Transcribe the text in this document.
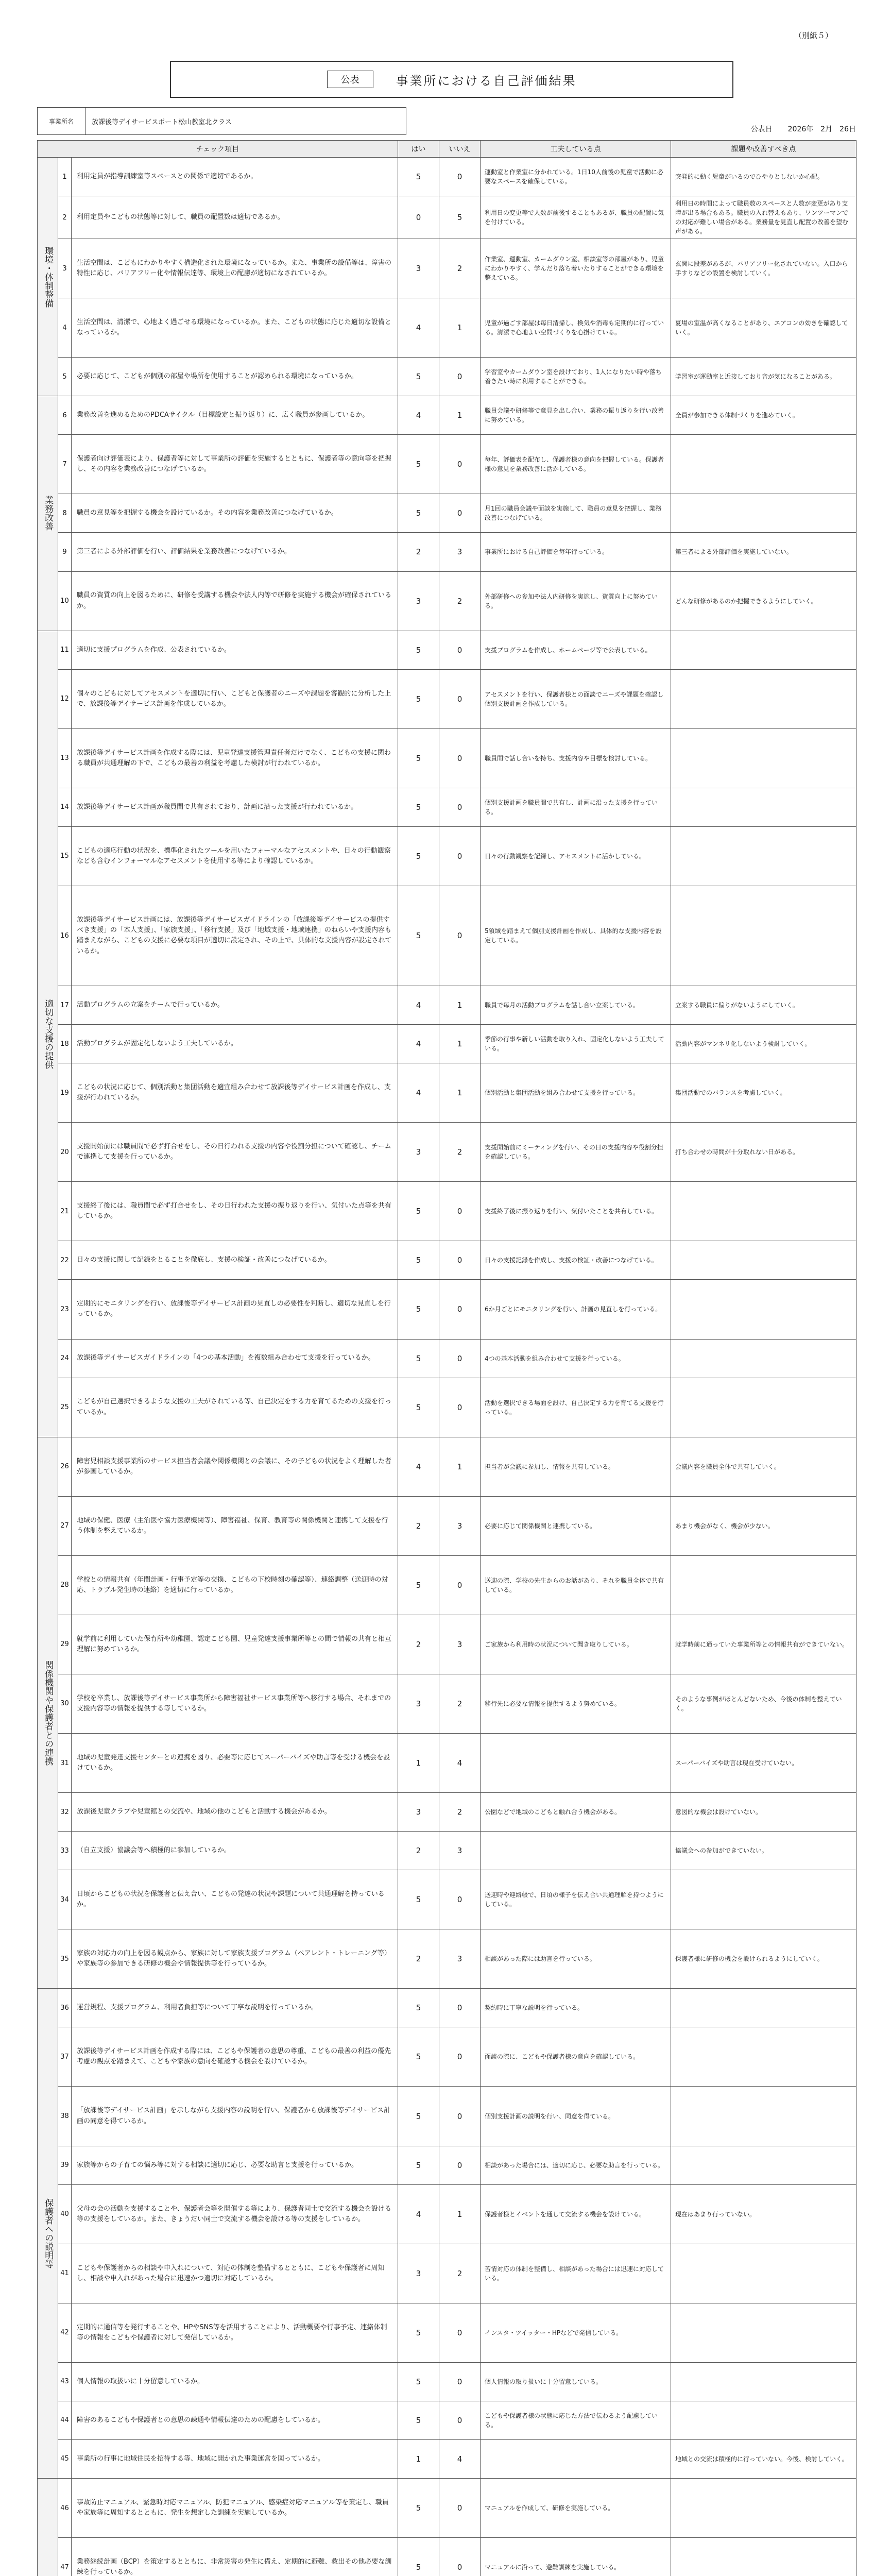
（別紙５）
公表	事業所における自己評価結果
事業所名	放課後等デイサービスポート松山教室北クラス
公表日 2026年　2月　26日
チェック項目			はい	いいえ	工夫している点	課題や改善すべき点
環境・体制整備	1	利用定員が指導訓練室等スペースとの関係で適切であるか。	5	0	運動室と作業室に分かれている。1日10人前後の児童で活動に必要なスペースを確保している。	突発的に動く児童がいるのでひやりとしないか心配。
	2	利用定員やこどもの状態等に対して、職員の配置数は適切であるか。	0	5	利用日の変更等で人数が前後することもあるが、職員の配置に気を付けている。	利用日の時間によって職員数のスペースと人数が変更があり支障が出る場合もある。職員の入れ替えもあり、ワンツーマンでの対応が難しい場合がある。業務量を見直し配置の改善を望む声がある。
	3	生活空間は、こどもにわかりやすく構造化された環境になっているか。また、事業所の設備等は、障害の特性に応じ、バリアフリー化や情報伝達等、環境上の配慮が適切になされているか。	3	2	作業室、運動室、カームダウン室、相談室等の部屋があり、児童にわかりやすく、学んだり落ち着いたりすることができる環境を整えている。	玄関に段差があるが、バリアフリー化されていない。入口から手すりなどの設置を検討していく。
	4	生活空間は、清潔で、心地よく過ごせる環境になっているか。また、こどもの状態に応じた適切な設備となっているか。	4	1	児童が過ごす部屋は毎日清掃し、換気や消毒も定期的に行っている。清潔で心地よい空間づくりを心掛けている。	夏場の室温が高くなることがあり、エアコンの効きを確認していく。
	5	必要に応じて、こどもが個別の部屋や場所を使用することが認められる環境になっているか。	5	0	学習室やカームダウン室を設けており、1人になりたい時や落ち着きたい時に利用することができる。	学習室が運動室と近接しており音が気になることがある。
業務改善	6	業務改善を進めるためのPDCAサイクル（目標設定と振り返り）に、広く職員が参画しているか。	4	1	職員会議や研修等で意見を出し合い、業務の振り返りを行い改善に努めている。	全員が参加できる体制づくりを進めていく。
	7	保護者向け評価表により、保護者等に対して事業所の評価を実施するとともに、保護者等の意向等を把握し、その内容を業務改善につなげているか。	5	0	毎年、評価表を配布し、保護者様の意向を把握している。保護者様の意見を業務改善に活かしている。	
	8	職員の意見等を把握する機会を設けているか。その内容を業務改善につなげているか。	5	0	月1回の職員会議や面談を実施して、職員の意見を把握し、業務改善につなげている。	
	9	第三者による外部評価を行い、評価結果を業務改善につなげているか。	2	3	事業所における自己評価を毎年行っている。	第三者による外部評価を実施していない。
	10	職員の資質の向上を図るために、研修を受講する機会や法人内等で研修を実施する機会が確保されているか。	3	2	外部研修への参加や法人内研修を実施し、資質向上に努めている。	どんな研修があるのか把握できるようにしていく。
適切な支援の提供	11	適切に支援プログラムを作成、公表されているか。	5	0	支援プログラムを作成し、ホームページ等で公表している。	
	12	個々のこどもに対してアセスメントを適切に行い、こどもと保護者のニーズや課題を客観的に分析した上で、放課後等デイサービス計画を作成しているか。	5	0	アセスメントを行い、保護者様との面談でニーズや課題を確認し個別支援計画を作成している。	
	13	放課後等デイサービス計画を作成する際には、児童発達支援管理責任者だけでなく、こどもの支援に関わる職員が共通理解の下で、こどもの最善の利益を考慮した検討が行われているか。	5	0	職員間で話し合いを持ち、支援内容や目標を検討している。	
	14	放課後等デイサービス計画が職員間で共有されており、計画に沿った支援が行われているか。	5	0	個別支援計画を職員間で共有し、計画に沿った支援を行っている。	
	15	こどもの適応行動の状況を、標準化されたツールを用いたフォーマルなアセスメントや、日々の行動観察なども含むインフォーマルなアセスメントを使用する等により確認しているか。	5	0	日々の行動観察を記録し、アセスメントに活かしている。	
	16	放課後等デイサービス計画には、放課後等デイサービスガイドラインの「放課後等デイサービスの提供すべき支援」の「本人支援」、「家族支援」、「移行支援」及び「地域支援・地域連携」のねらいや支援内容も踏まえながら、こどもの支援に必要な項目が適切に設定され、その上で、具体的な支援内容が設定されているか。	5	0	5領域を踏まえて個別支援計画を作成し、具体的な支援内容を設定している。	
	17	活動プログラムの立案をチームで行っているか。	4	1	職員で毎月の活動プログラムを話し合い立案している。	立案する職員に偏りがないようにしていく。
	18	活動プログラムが固定化しないよう工夫しているか。	4	1	季節の行事や新しい活動を取り入れ、固定化しないよう工夫している。	活動内容がマンネリ化しないよう検討していく。
	19	こどもの状況に応じて、個別活動と集団活動を適宜組み合わせて放課後等デイサービス計画を作成し、支援が行われているか。	4	1	個別活動と集団活動を組み合わせて支援を行っている。	集団活動でのバランスを考慮していく。
	20	支援開始前には職員間で必ず打合せをし、その日行われる支援の内容や役割分担について確認し、チームで連携して支援を行っているか。	3	2	支援開始前にミーティングを行い、その日の支援内容や役割分担を確認している。	打ち合わせの時間が十分取れない日がある。
	21	支援終了後には、職員間で必ず打合せをし、その日行われた支援の振り返りを行い、気付いた点等を共有しているか。	5	0	支援終了後に振り返りを行い、気付いたことを共有している。	
	22	日々の支援に関して記録をとることを徹底し、支援の検証・改善につなげているか。	5	0	日々の支援記録を作成し、支援の検証・改善につなげている。	
	23	定期的にモニタリングを行い、放課後等デイサービス計画の見直しの必要性を判断し、適切な見直しを行っているか。	5	0	6か月ごとにモニタリングを行い、計画の見直しを行っている。	
	24	放課後等デイサービスガイドラインの「4つの基本活動」を複数組み合わせて支援を行っているか。	5	0	4つの基本活動を組み合わせて支援を行っている。	
	25	こどもが自己選択できるような支援の工夫がされている等、自己決定をする力を育てるための支援を行っているか。	5	0	活動を選択できる場面を設け、自己決定する力を育てる支援を行っている。	
関係機関や保護者との連携	26	障害児相談支援事業所のサービス担当者会議や関係機関との会議に、その子どもの状況をよく理解した者が参画しているか。	4	1	担当者が会議に参加し、情報を共有している。	会議内容を職員全体で共有していく。
	27	地域の保健、医療（主治医や協力医療機関等）、障害福祉、保育、教育等の関係機関と連携して支援を行う体制を整えているか。	2	3	必要に応じて関係機関と連携している。	あまり機会がなく、機会が少ない。
	28	学校との情報共有（年間計画・行事予定等の交換、こどもの下校時刻の確認等）、連絡調整（送迎時の対応、トラブル発生時の連絡）を適切に行っているか。	5	0	送迎の際、学校の先生からのお話があり、それを職員全体で共有している。	
	29	就学前に利用していた保育所や幼稚園、認定こども園、児童発達支援事業所等との間で情報の共有と相互理解に努めているか。	2	3	ご家族から利用時の状況について聞き取りしている。	就学時前に通っていた事業所等との情報共有ができていない。
	30	学校を卒業し、放課後等デイサービス事業所から障害福祉サービス事業所等へ移行する場合、それまでの支援内容等の情報を提供する等しているか。	3	2	移行先に必要な情報を提供するよう努めている。	そのような事例がほとんどないため、今後の体制を整えていく。
	31	地域の児童発達支援センターとの連携を図り、必要等に応じてスーパーバイズや助言等を受ける機会を設けているか。	1	4		スーパーバイズや助言は現在受けていない。
	32	放課後児童クラブや児童館との交流や、地域の他のこどもと活動する機会があるか。	3	2	公園などで地域のこどもと触れ合う機会がある。	意図的な機会は設けていない。
	33	（自立支援）協議会等へ積極的に参加しているか。	2	3		協議会への参加ができていない。
	34	日頃からこどもの状況を保護者と伝え合い、こどもの発達の状況や課題について共通理解を持っているか。	5	0	送迎時や連絡帳で、日頃の様子を伝え合い共通理解を持つようにしている。	
	35	家族の対応力の向上を図る観点から、家族に対して家族支援プログラム（ペアレント・トレーニング等）や家族等の参加できる研修の機会や情報提供等を行っているか。	2	3	相談があった際には助言を行っている。	保護者様に研修の機会を設けられるようにしていく。
保護者への説明等	36	運営規程、支援プログラム、利用者負担等について丁寧な説明を行っているか。	5	0	契約時に丁寧な説明を行っている。	
	37	放課後等デイサービス計画を作成する際には、こどもや保護者の意思の尊重、こどもの最善の利益の優先考慮の観点を踏まえて、こどもや家族の意向を確認する機会を設けているか。	5	0	面談の際に、こどもや保護者様の意向を確認している。	
	38	「放課後等デイサービス計画」を示しながら支援内容の説明を行い、保護者から放課後等デイサービス計画の同意を得ているか。	5	0	個別支援計画の説明を行い、同意を得ている。	
	39	家族等からの子育ての悩み等に対する相談に適切に応じ、必要な助言と支援を行っているか。	5	0	相談があった場合には、適切に応じ、必要な助言を行っている。	
	40	父母の会の活動を支援することや、保護者会等を開催する等により、保護者同士で交流する機会を設ける等の支援をしているか。また、きょうだい同士で交流する機会を設ける等の支援をしているか。	4	1	保護者様とイベントを通して交流する機会を設けている。	現在はあまり行っていない。
	41	こどもや保護者からの相談や申入れについて、対応の体制を整備するとともに、こどもや保護者に周知し、相談や申入れがあった場合に迅速かつ適切に対応しているか。	3	2	苦情対応の体制を整備し、相談があった場合には迅速に対応している。	
	42	定期的に通信等を発行することや、HPやSNS等を活用することにより、活動概要や行事予定、連絡体制等の情報をこどもや保護者に対して発信しているか。	5	0	インスタ・ツイッター・HPなどで発信している。	
	43	個人情報の取扱いに十分留意しているか。	5	0	個人情報の取り扱いに十分留意している。	
	44	障害のあるこどもや保護者との意思の疎通や情報伝達のための配慮をしているか。	5	0	こどもや保護者様の状態に応じた方法で伝わるよう配慮している。	
	45	事業所の行事に地域住民を招待する等、地域に開かれた事業運営を図っているか。	1	4		地域との交流は積極的に行っていない。今後、検討していく。
	46	事故防止マニュアル、緊急時対応マニュアル、防犯マニュアル、感染症対応マニュアル等を策定し、職員や家族等に周知するとともに、発生を想定した訓練を実施しているか。	5	0	マニュアルを作成して、研修を実施している。	
	47	業務継続計画（BCP）を策定するとともに、非常災害の発生に備え、定期的に避難、救出その他必要な訓練を行っているか。	5	0	マニュアルに沿って、避難訓練を実施している。	
